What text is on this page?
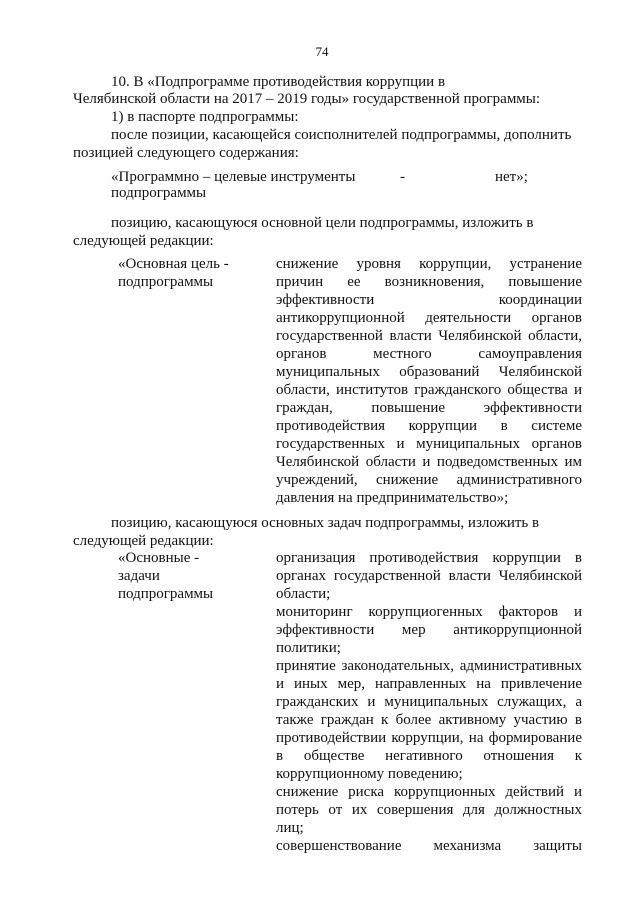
74
10. В «Подпрограмме противодействия коррупции в
Челябинской области на 2017 – 2019 годы» государственной программы:
1) в паспорте подпрограммы:
после позиции, касающейся соисполнителей подпрограммы, дополнить
позицией следующего содержания:
«Программно – целевые инструменты	-	нет»;
подпрограммы
позицию, касающуюся основной цели подпрограммы, изложить в
следующей редакции:
«Основная цель -
подпрограммы
снижение уровня коррупции, устранение
причин ее возникновения, повышение
эффективности координации
антикоррупционной деятельности органов
государственной власти Челябинской области,
органов местного самоуправления
муниципальных образований Челябинской
области, институтов гражданского общества и
граждан, повышение эффективности
противодействия коррупции в системе
государственных и муниципальных органов
Челябинской области и подведомственных им
учреждений, снижение административного
давления на предпринимательство»;
позицию, касающуюся основных задач подпрограммы, изложить в
следующей редакции:
«Основные -
задачи
подпрограммы
организация противодействия коррупции в
органах государственной власти Челябинской
области;
мониторинг коррупциогенных факторов и
эффективности мер антикоррупционной
политики;
принятие законодательных, административных
и иных мер, направленных на привлечение
гражданских и муниципальных служащих, а
также граждан к более активному участию в
противодействии коррупции, на формирование
в обществе негативного отношения к
коррупционному поведению;
снижение риска коррупционных действий и
потерь от их совершения для должностных
лиц;
совершенствование механизма защиты
